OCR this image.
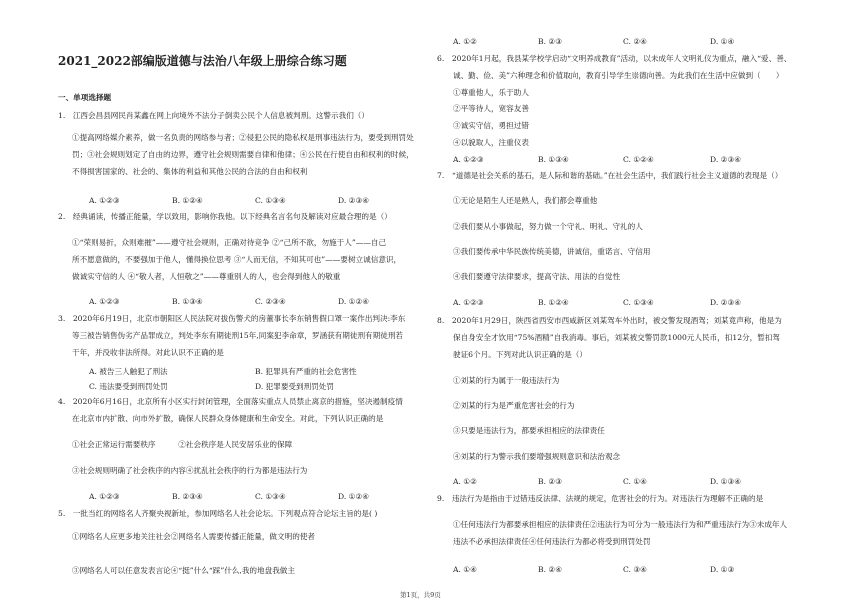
2021_2022部编版道德与法治八年级上册综合练习题
一、单项选择题
1.　江西会昌县网民肖某鑫在网上向境外不法分子倒卖公民个人信息被判刑。这警示我们（）
①提高网络媒介素养，做一名负责的网络参与者；②侵犯公民的隐私权是刑事违法行为，要受到刑罚处
罚；③社会规则划定了自由的边界，遵守社会规则需要自律和他律；④公民在行使自由和权利的时候，
不得损害国家的、社会的、集体的利益和其他公民的合法的自由和权利
A. ①②③	B. ①②④	C. ①③④	D. ②③④
2.　经典诵读，传播正能量，学以致用，影响你我他。以下经典名言名句及解读对应最合理的是（）
①“荣则易折，众则难摧”——遵守社会规则，正确对待竞争 ②“己所不欲，勿施于人”——自己
所不愿意做的，不要强加于他人，懂得换位思考 ③“人而无信，不知其可也”——要树立诚信意识，
做诚实守信的人 ④“敬人者，人恒敬之”——尊重别人的人，也会得到他人的敬重
A. ①②③	B. ①③④	C. ②③④	D. ①②④
3.　2020年6月19日，北京市朝阳区人民法院对拔伤警犬的房董事长李东销售假口罩一案作出判决:李东
等三被告销售伪劣产品罪成立，判处李东有期徒刑15年,同案犯李命章，罗涵获有期徒刑有期徒刑若
干年，并没收非法所得。对此认识不正确的是
A. 被告三人触犯了刑法	B. 犯罪具有严重的社会危害性
C. 违法要受到刑罚处罚	D. 犯罪要受到刑罚处罚
4.　2020年6月16日，北京所有小区实行封闭管理，全面落实重点人员禁止离京的措施，坚决遏制疫情
在北京市内扩散、向市外扩散，确保人民群众身体健康和生命安全。对此，下列认识正确的是
①社会正常运行需要秩序　　　②社会秩序是人民安居乐业的保障
③社会规则明确了社会秩序的内容④扰乱社会秩序的行为都是违法行为
A. ①②③	B. ②③④	C. ①③④	D. ①②④
5.　一批当红的网络名人齐聚央视新址，参加网络名人社会论坛。下列观点符合论坛主旨的是( )
①网络名人应更多地关注社会②网络名人需要传播正能量，做文明的使者
③网络名人可以任意发表言论④“挺”什么“踩”什么,我的地盘我做主
A. ①②	B. ②③	C. ②④	D. ①④
6.　2020年1月起，我县某学校学启动“文明养成教育”活动，以未成年人文明礼仪为重点，融入“爱、善、
诚、勤、俭、美”六种理念和价值取向，教育引导学生崇德向善。为此我们在生活中应做到（　　）
①尊重他人，乐于助人
②平等待人，宽容友善
③诚实守信，勇担过错
④以貌取人，注重仪表
A. ①②③	B. ①③④	C. ①②④	D. ②③④
7.　“道德是社会关系的基石，是人际和谐的基础。”在社会生活中，我们践行社会主义道德的表现是（）
①无论是陌生人还是熟人，我们都会尊重他
②我们要从小事做起，努力做一个守礼、明礼、守礼的人
③我们要传承中华民族传统美德，讲诚信，重诺言、守信用
④我们要遵守法律要求，提高守法、用法的自觉性
A. ①②③	B. ①②④	C. ①③④	D. ②③④
8.　2020年1月29日，陕西省西安市西咸新区刘某驾车外出时，被交警发现酒驾；刘某竟声称，他是为
保自身安全才饮用“75%酒精”自我消毒。事后，刘某被交警罚款1000元人民币，扣12分，暂扣驾
驶证6个月。下列对此认识正确的是（）
①刘某的行为属于一般违法行为
②刘某的行为是严重危害社会的行为
③只要是违法行为，都要承担相应的法律责任
④刘某的行为警示我们要增强规则意识和法治观念
A. ①②	B. ②③	C. ①④	D. ①③④
9.　违法行为是指由于过错违反法律、法规的规定，危害社会的行为。对违法行为理解不正确的是
①任何违法行为都要承担相应的法律责任②违法行为可分为一般违法行为和严重违法行为③未成年人
违法不必承担法律责任④任何违法行为都必将受到刑罚处罚
A. ①④	B. ②④	C. ③④	D. ①③
第1页，共9页
